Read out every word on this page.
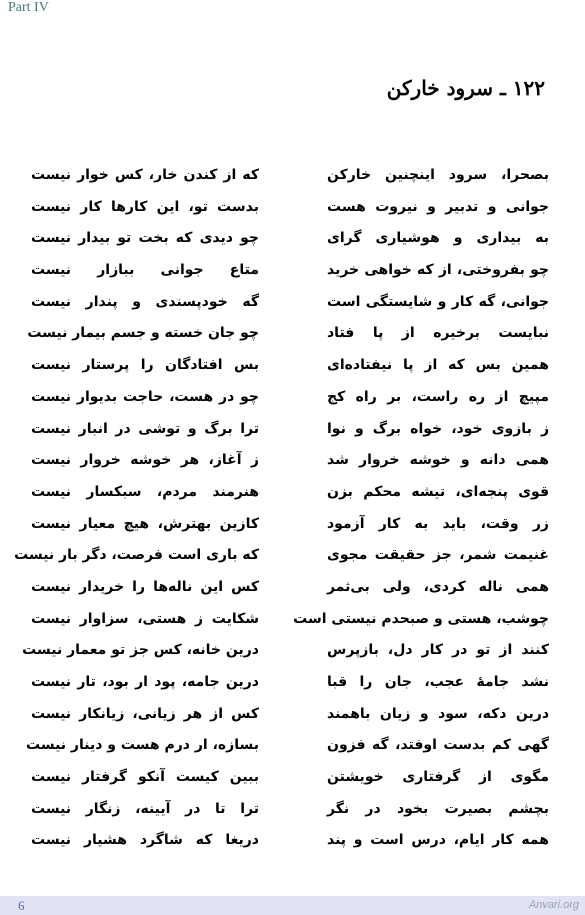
Part IV
۱۲۲ ـ سرود خارکن
بصحرا، سرود اینچنین خارکن
که از کندن خار، کس خوار نیست
جوانی و تدبیر و نیروت هست
بدست تو، این کارها کار نیست
به بیداری و هوشیاری گرای
چو دیدی که بخت تو بیدار نیست
چو بفروختی، از که خواهی خرید
متاع جوانی ببازار نیست
جوانی، گه کار و شایستگی است
گه خودپسندی و پندار نیست
نبایست برخیره از پا فتاد
چو جان خسته و جسم بیمار نیست
همین بس که از پا نیفتاده‌ای
بس افتادگان را پرستار نیست
مپیچ از ره راست، بر راه کج
چو در هست، حاجت بدیوار نیست
ز بازوی خود، خواه برگ و نوا
ترا برگ و توشی در انبار نیست
همی دانه و خوشه خروار شد
ز آغاز، هر خوشه خروار نیست
قوی پنجه‌ای، تیشه محکم بزن
هنرمند مردم، سبکسار نیست
زر وقت، باید به کار آزمود
کازین بهترش، هیچ معیار نیست
غنیمت شمر، جز حقیقت مجوی
که باری است فرصت، دگر بار نیست
همی ناله کردی، ولی بی‌ثمر
کس این ناله‌ها را خریدار نیست
چوشب، هستی و صبحدم نیستی است
شکایت ز هستی، سزاوار نیست
کنند از تو در کار دل، بازپرس
درین خانه، کس جز تو معمار نیست
نشد جامهٔ عجب، جان را قبا
درین جامه، پود ار بود، تار نیست
درین دکه، سود و زیان باهمند
کس از هر زیانی، زیانکار نیست
گهی کم بدست اوفتد، گه فزون
بسازه، ار درم هست و دینار نیست
مگوی از گرفتاری خویشتن
ببین کیست آنکو گرفتار نیست
بچشم بصیرت بخود در نگر
ترا تا در آیینه، زنگار نیست
همه کار ایام، درس است و پند
دریغا که شاگرد هشیار نیست
6	Anvari.org
